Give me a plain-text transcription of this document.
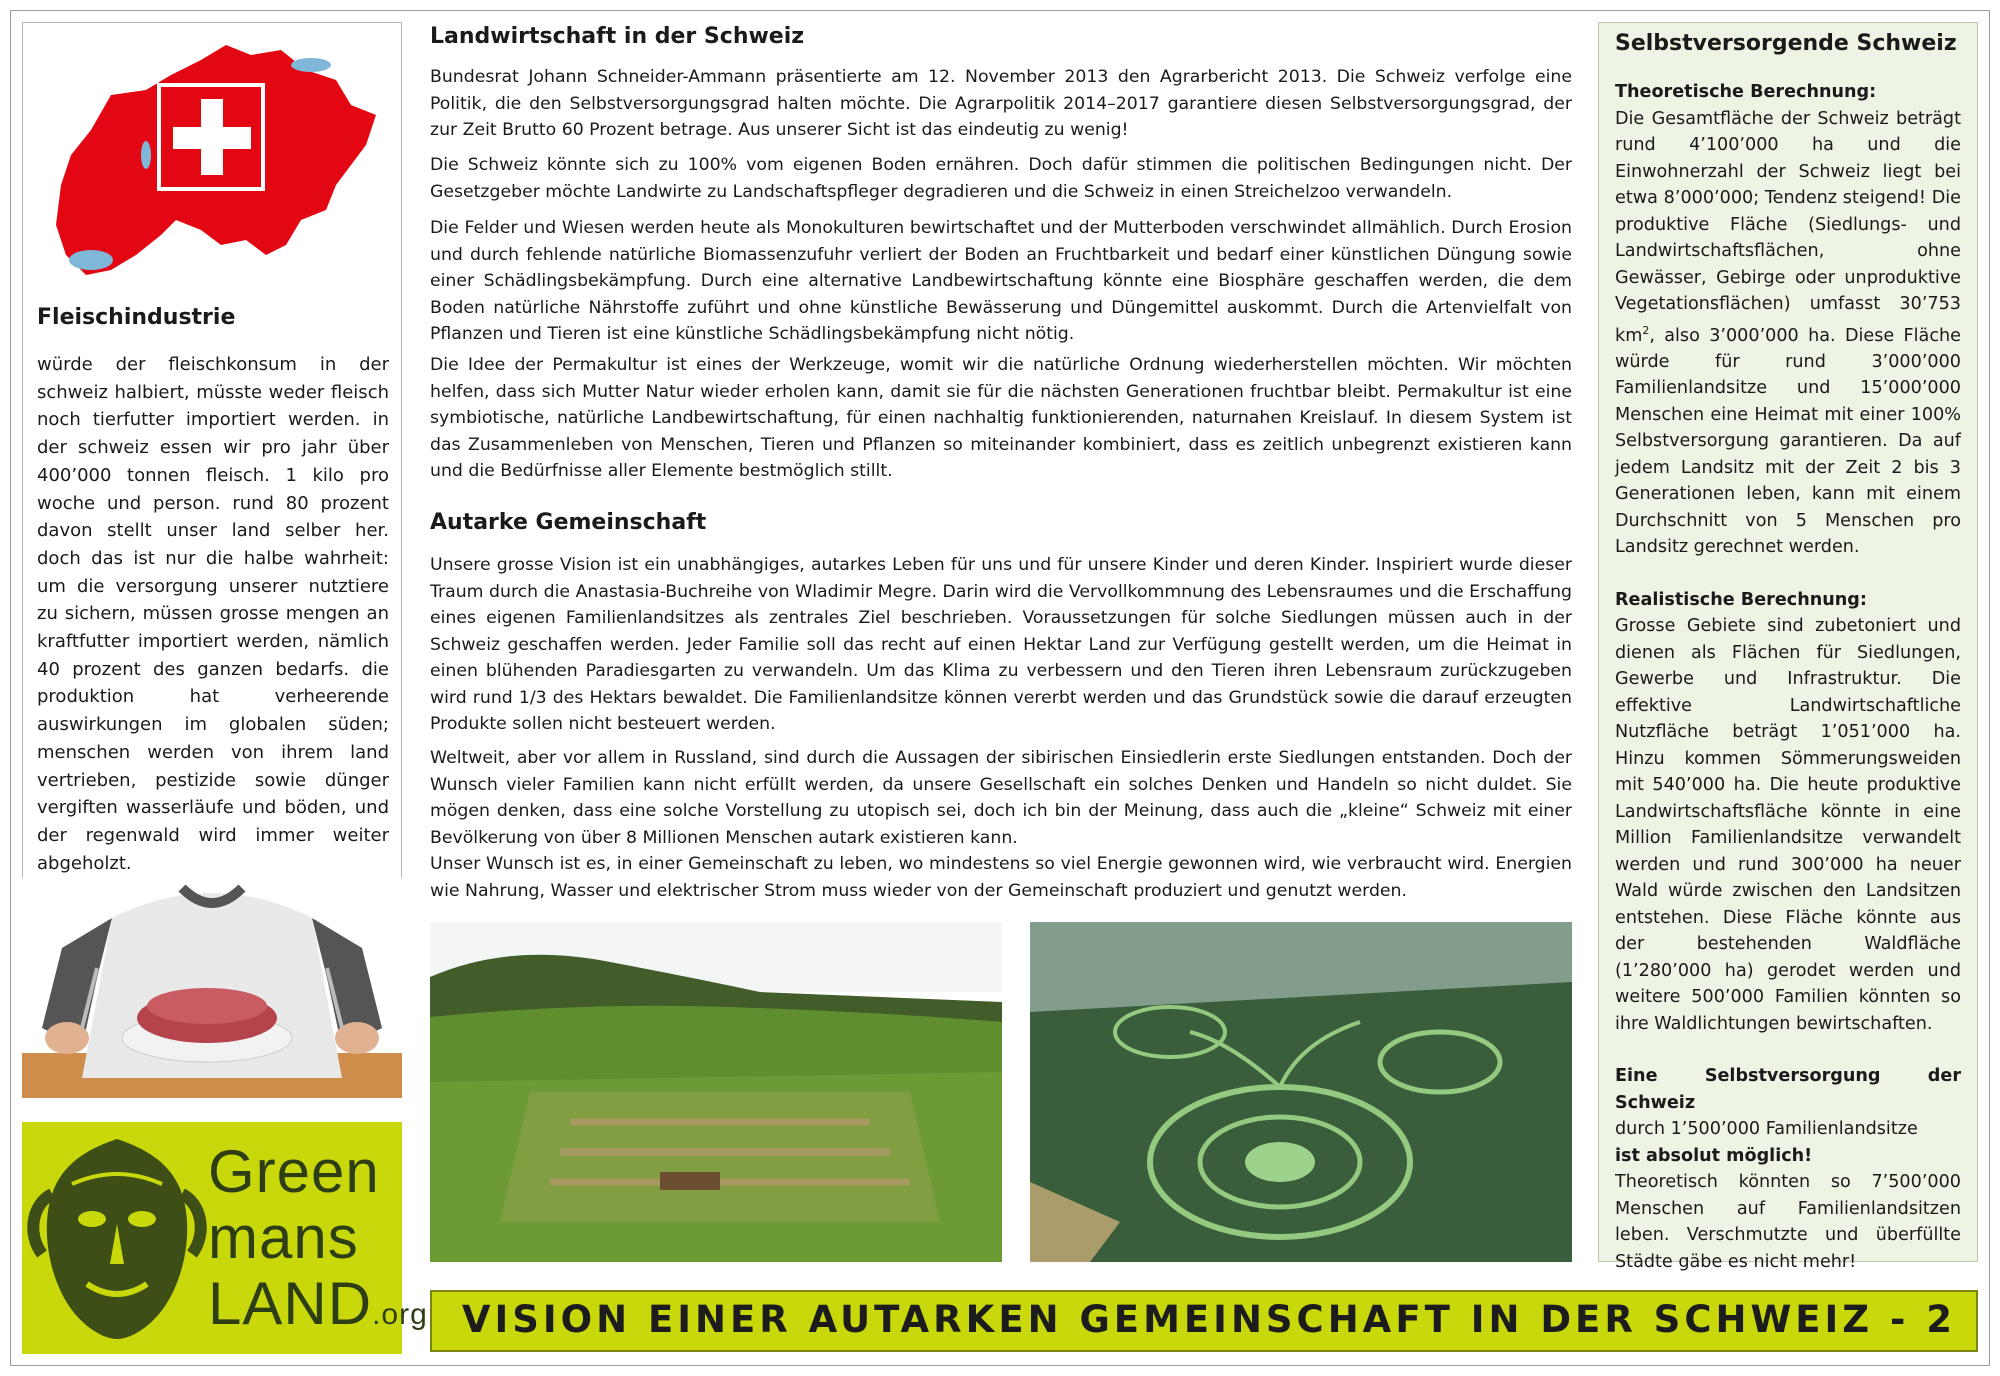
Fleischindustrie
würde der fleischkonsum in der schweiz halbiert, müsste weder fleisch noch tierfutter importiert werden. in der schweiz essen wir pro jahr über 400’000 tonnen fleisch. 1 kilo pro woche und person. rund 80 prozent davon stellt unser land selber her. doch das ist nur die halbe wahrheit: um die versorgung unserer nutztiere zu sichern, müssen grosse mengen an kraftfutter importiert werden, nämlich 40 prozent des ganzen bedarfs. die produktion hat verheerende auswirkungen im globalen süden; menschen werden von ihrem land vertrieben, pestizide sowie dünger vergiften wasserläufe und böden, und der regenwald wird immer weiter abgeholzt.
Green
mans
LAND.org
Landwirtschaft in der Schweiz

Bundesrat Johann Schneider-Ammann präsentierte am 12. November 2013 den Agrarbericht 2013. Die Schweiz verfolge eine Politik, die den Selbstversorgungsgrad halten möchte. Die Agrarpolitik 2014–2017 garantiere diesen Selbstversorgungsgrad, der zur Zeit Brutto 60 Prozent betrage. Aus unserer Sicht ist das eindeutig zu wenig!

Die Schweiz könnte sich zu 100% vom eigenen Boden ernähren. Doch dafür stimmen die politischen Bedingungen nicht. Der Gesetzgeber möchte Landwirte zu Landschaftspfleger degradieren und die Schweiz in einen Streichelzoo verwandeln.

Die Felder und Wiesen werden heute als Monokulturen bewirtschaftet und der Mutterboden verschwindet allmählich. Durch Erosion und durch fehlende natürliche Biomassenzufuhr verliert der Boden an Fruchtbarkeit und bedarf einer künstlichen Düngung sowie einer Schädlingsbekämpfung. Durch eine alternative Landbewirtschaftung könnte eine Biosphäre geschaffen werden, die dem Boden natürliche Nährstoffe zuführt und ohne künstliche Bewässerung und Düngemittel auskommt. Durch die Artenvielfalt von Pflanzen und Tieren ist eine künstliche Schädlingsbekämpfung nicht nötig.

Die Idee der Permakultur ist eines der Werkzeuge, womit wir die natürliche Ordnung wiederherstellen möchten. Wir möchten helfen, dass sich Mutter Natur wieder erholen kann, damit sie für die nächsten Generationen fruchtbar bleibt. Permakultur ist eine symbiotische, natürliche Landbewirtschaftung, für einen nachhaltig funktionierenden, naturnahen Kreislauf. In diesem System ist das Zusammenleben von Menschen, Tieren und Pflanzen so miteinander kombiniert, dass es zeitlich unbegrenzt existieren kann und die Bedürfnisse aller Elemente bestmöglich stillt.

Autarke Gemeinschaft

Unsere grosse Vision ist ein unabhängiges, autarkes Leben für uns und für unsere Kinder und deren Kinder. Inspiriert wurde dieser Traum durch die Anastasia-Buchreihe von Wladimir Megre. Darin wird die Vervollkommnung des Lebensraumes und die Erschaffung eines eigenen Familienlandsitzes als zentrales Ziel beschrieben. Voraussetzungen für solche Siedlungen müssen auch in der Schweiz geschaffen werden. Jeder Familie soll das recht auf einen Hektar Land zur Verfügung gestellt werden, um die Heimat in einen blühenden Paradiesgarten zu verwandeln. Um das Klima zu verbessern und den Tieren ihren Lebensraum zurückzugeben wird rund 1/3 des Hektars bewaldet. Die Familienlandsitze können vererbt werden und das Grundstück sowie die darauf erzeugten Produkte sollen nicht besteuert werden.

Weltweit, aber vor allem in Russland, sind durch die Aussagen der sibirischen Einsiedlerin erste Siedlungen entstanden. Doch der Wunsch vieler Familien kann nicht erfüllt werden, da unsere Gesellschaft ein solches Denken und Handeln so nicht duldet. Sie mögen denken, dass eine solche Vorstellung zu utopisch sei, doch ich bin der Meinung, dass auch die „kleine“ Schweiz mit einer Bevölkerung von über 8 Millionen Menschen autark existieren kann.

Unser Wunsch ist es, in einer Gemeinschaft zu leben, wo mindestens so viel Energie gewonnen wird, wie verbraucht wird. Energien wie Nahrung, Wasser und elektrischer Strom muss wieder von der Gemeinschaft produziert und genutzt werden.

VISION EINER AUTARKEN GEMEINSCHAFT IN DER SCHWEIZ - 2
Selbstversorgende Schweiz
Theoretische Berechnung:
Die Gesamtfläche der Schweiz beträgt rund 4’100’000 ha und die Einwohnerzahl der Schweiz liegt bei etwa 8’000’000; Tendenz steigend! Die produktive Fläche (Siedlungs- und Landwirtschaftsflächen, ohne Gewässer, Gebirge oder unproduktive Vegetationsflächen) umfasst 30’753 $km^2$, also 3’000’000 ha. Diese Fläche würde für rund 3’000’000 Familienlandsitze und 15’000’000 Menschen eine Heimat mit einer 100% Selbstversorgung garantieren. Da auf jedem Landsitz mit der Zeit 2 bis 3 Generationen leben, kann mit einem Durchschnitt von 5 Menschen pro Landsitz gerechnet werden.
Realistische Berechnung:
Grosse Gebiete sind zubetoniert und dienen als Flächen für Siedlungen, Gewerbe und Infrastruktur. Die effektive Landwirtschaftliche Nutzfläche beträgt 1’051’000 ha. Hinzu kommen Sömmerungsweiden mit 540’000 ha. Die heute produktive Landwirtschaftsfläche könnte in eine Million Familienlandsitze verwandelt werden und rund 300’000 ha neuer Wald würde zwischen den Landsitzen entstehen. Diese Fläche könnte aus der bestehenden Waldfläche (1’280’000 ha) gerodet werden und weitere 500’000 Familien könnten so ihre Waldlichtungen bewirtschaften.
Eine Selbstversorgung der Schweiz
durch 1’500’000 Familienlandsitze
ist absolut möglich!
Theoretisch könnten so 7’500’000 Menschen auf Familienlandsitzen leben. Verschmutzte und überfüllte Städte gäbe es nicht mehr!
